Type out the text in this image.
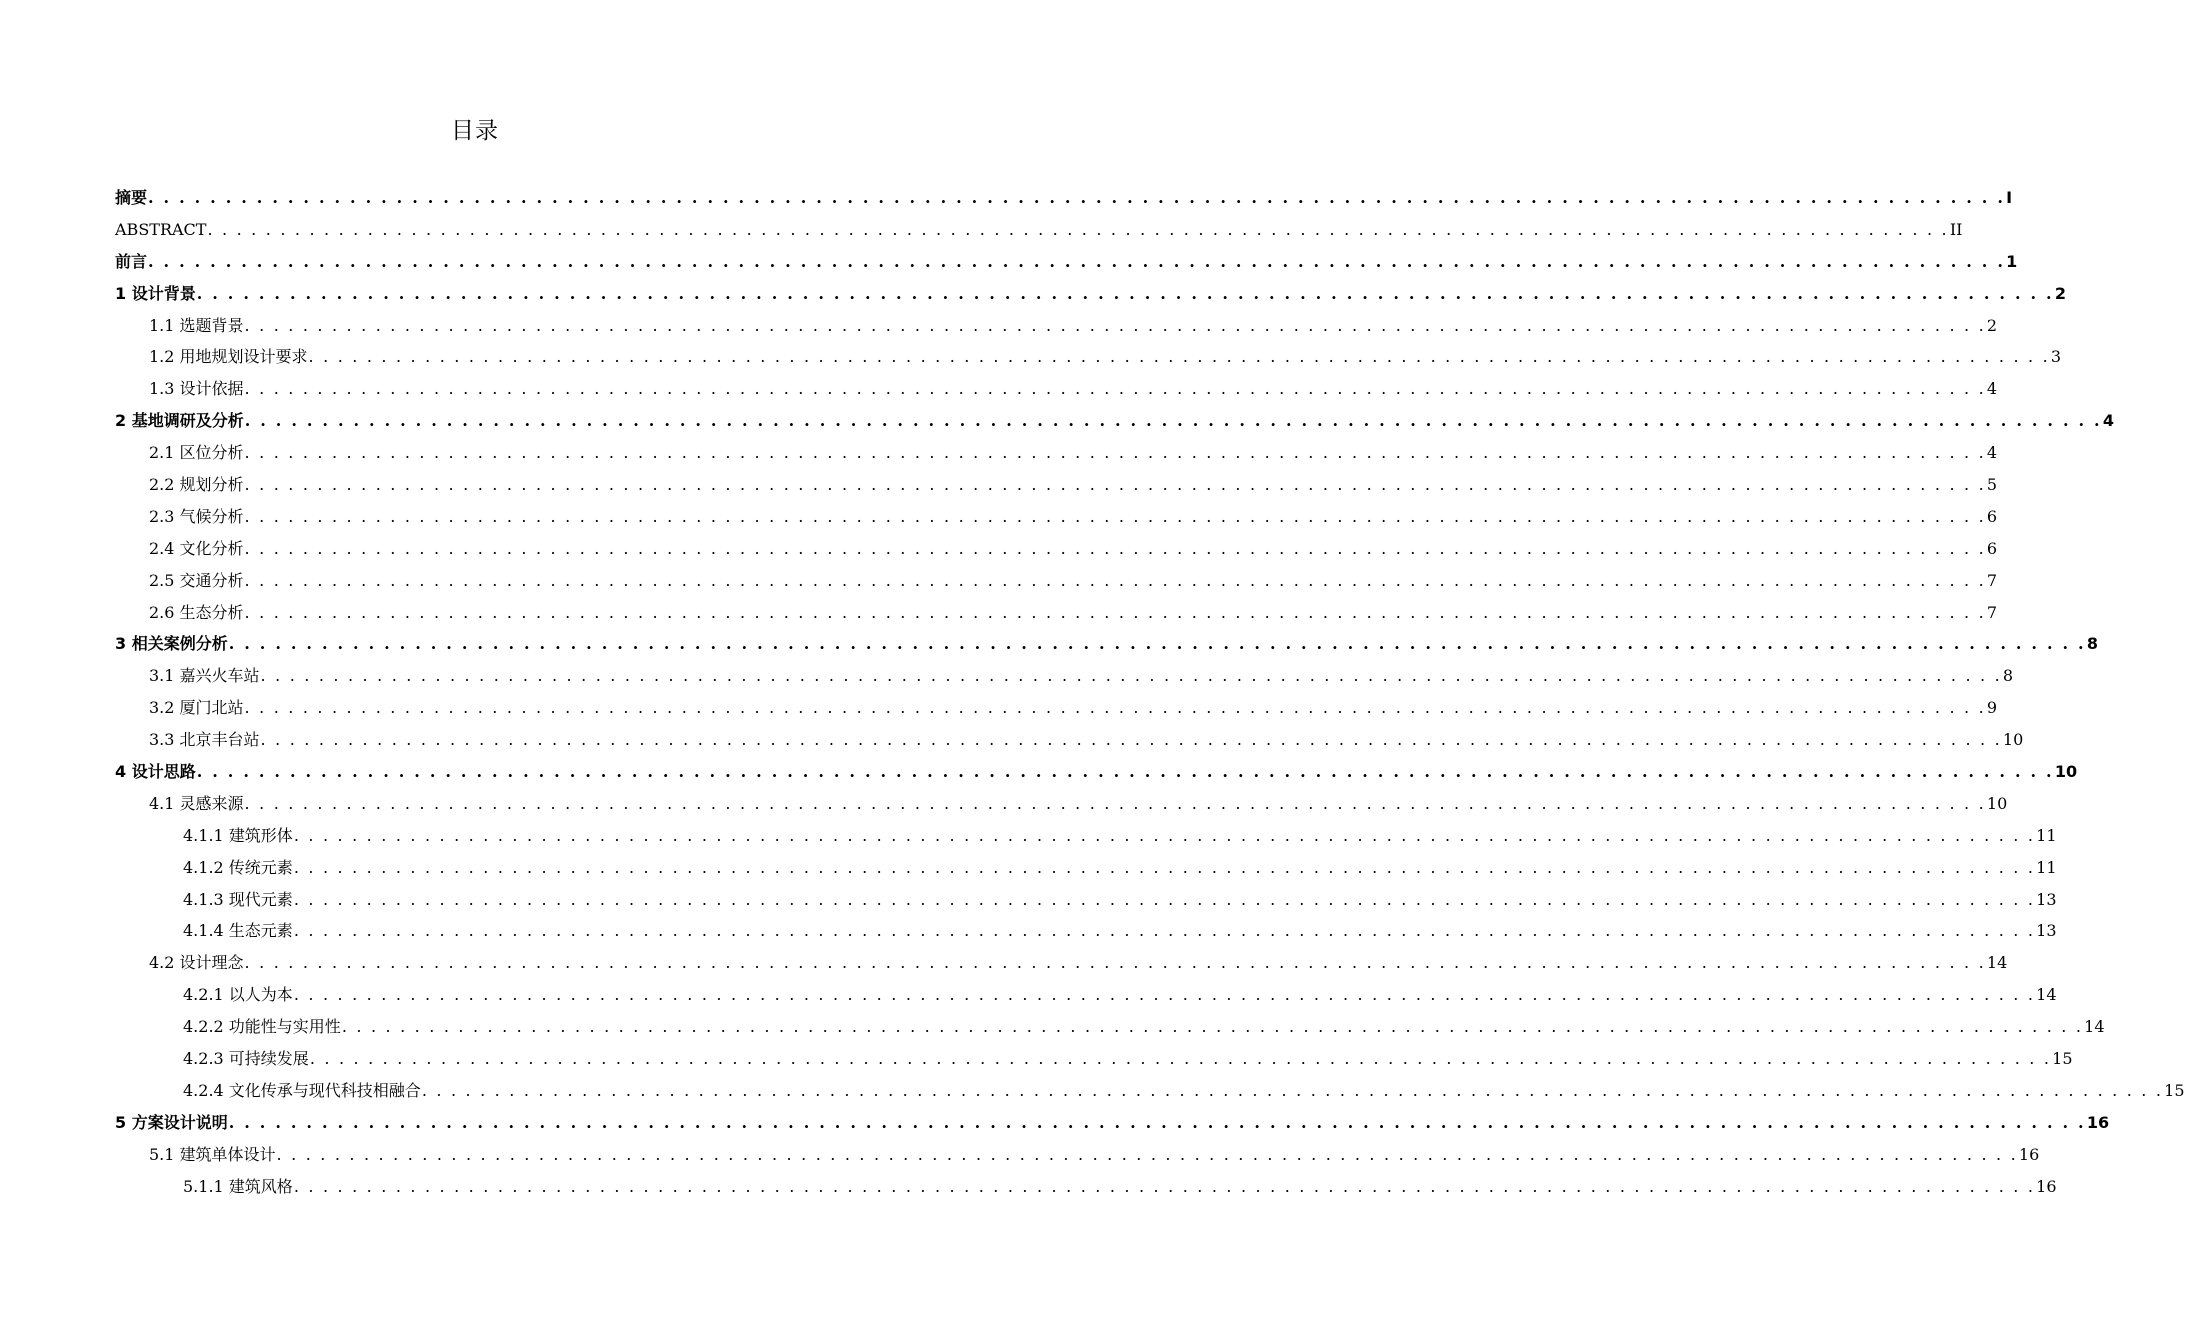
目录
摘要 . . . . . . . . . . . . . . . . . . . . . . . . . . . . . . . . . . . . . . . . . . . . . . . . . . . . . . . . . . . . . . . . . . . . . . . . . . . . . . . . . . . . . . . . . . . . . . . . . . . . . . . . . . . . . . . . . . . . . . . . I
ABSTRACT . . . . . . . . . . . . . . . . . . . . . . . . . . . . . . . . . . . . . . . . . . . . . . . . . . . . . . . . . . . . . . . . . . . . . . . . . . . . . . . . . . . . . . . . . . . . . . . . . . . . . . . . . . . . . . . . . . . . . . . . II
前言 . . . . . . . . . . . . . . . . . . . . . . . . . . . . . . . . . . . . . . . . . . . . . . . . . . . . . . . . . . . . . . . . . . . . . . . . . . . . . . . . . . . . . . . . . . . . . . . . . . . . . . . . . . . . . . . . . . . . . . . . 1
1 设计背景 . . . . . . . . . . . . . . . . . . . . . . . . . . . . . . . . . . . . . . . . . . . . . . . . . . . . . . . . . . . . . . . . . . . . . . . . . . . . . . . . . . . . . . . . . . . . . . . . . . . . . . . . . . . . . . . . . . . . . . . . 2
1.1 选题背景 . . . . . . . . . . . . . . . . . . . . . . . . . . . . . . . . . . . . . . . . . . . . . . . . . . . . . . . . . . . . . . . . . . . . . . . . . . . . . . . . . . . . . . . . . . . . . . . . . . . . . . . . . . . . . . . . . . . . . . . . 2
1.2 用地规划设计要求 . . . . . . . . . . . . . . . . . . . . . . . . . . . . . . . . . . . . . . . . . . . . . . . . . . . . . . . . . . . . . . . . . . . . . . . . . . . . . . . . . . . . . . . . . . . . . . . . . . . . . . . . . . . . . . . . . . . . . . . . 3
1.3 设计依据 . . . . . . . . . . . . . . . . . . . . . . . . . . . . . . . . . . . . . . . . . . . . . . . . . . . . . . . . . . . . . . . . . . . . . . . . . . . . . . . . . . . . . . . . . . . . . . . . . . . . . . . . . . . . . . . . . . . . . . . . 4
2 基地调研及分析 . . . . . . . . . . . . . . . . . . . . . . . . . . . . . . . . . . . . . . . . . . . . . . . . . . . . . . . . . . . . . . . . . . . . . . . . . . . . . . . . . . . . . . . . . . . . . . . . . . . . . . . . . . . . . . . . . . . . . . . . 4
2.1 区位分析 . . . . . . . . . . . . . . . . . . . . . . . . . . . . . . . . . . . . . . . . . . . . . . . . . . . . . . . . . . . . . . . . . . . . . . . . . . . . . . . . . . . . . . . . . . . . . . . . . . . . . . . . . . . . . . . . . . . . . . . . 4
2.2 规划分析 . . . . . . . . . . . . . . . . . . . . . . . . . . . . . . . . . . . . . . . . . . . . . . . . . . . . . . . . . . . . . . . . . . . . . . . . . . . . . . . . . . . . . . . . . . . . . . . . . . . . . . . . . . . . . . . . . . . . . . . . 5
2.3 气候分析 . . . . . . . . . . . . . . . . . . . . . . . . . . . . . . . . . . . . . . . . . . . . . . . . . . . . . . . . . . . . . . . . . . . . . . . . . . . . . . . . . . . . . . . . . . . . . . . . . . . . . . . . . . . . . . . . . . . . . . . . 6
2.4 文化分析 . . . . . . . . . . . . . . . . . . . . . . . . . . . . . . . . . . . . . . . . . . . . . . . . . . . . . . . . . . . . . . . . . . . . . . . . . . . . . . . . . . . . . . . . . . . . . . . . . . . . . . . . . . . . . . . . . . . . . . . . 6
2.5 交通分析 . . . . . . . . . . . . . . . . . . . . . . . . . . . . . . . . . . . . . . . . . . . . . . . . . . . . . . . . . . . . . . . . . . . . . . . . . . . . . . . . . . . . . . . . . . . . . . . . . . . . . . . . . . . . . . . . . . . . . . . . 7
2.6 生态分析 . . . . . . . . . . . . . . . . . . . . . . . . . . . . . . . . . . . . . . . . . . . . . . . . . . . . . . . . . . . . . . . . . . . . . . . . . . . . . . . . . . . . . . . . . . . . . . . . . . . . . . . . . . . . . . . . . . . . . . . . 7
3 相关案例分析 . . . . . . . . . . . . . . . . . . . . . . . . . . . . . . . . . . . . . . . . . . . . . . . . . . . . . . . . . . . . . . . . . . . . . . . . . . . . . . . . . . . . . . . . . . . . . . . . . . . . . . . . . . . . . . . . . . . . . . . . 8
3.1 嘉兴火车站 . . . . . . . . . . . . . . . . . . . . . . . . . . . . . . . . . . . . . . . . . . . . . . . . . . . . . . . . . . . . . . . . . . . . . . . . . . . . . . . . . . . . . . . . . . . . . . . . . . . . . . . . . . . . . . . . . . . . . . . . 8
3.2 厦门北站 . . . . . . . . . . . . . . . . . . . . . . . . . . . . . . . . . . . . . . . . . . . . . . . . . . . . . . . . . . . . . . . . . . . . . . . . . . . . . . . . . . . . . . . . . . . . . . . . . . . . . . . . . . . . . . . . . . . . . . . . 9
3.3 北京丰台站 . . . . . . . . . . . . . . . . . . . . . . . . . . . . . . . . . . . . . . . . . . . . . . . . . . . . . . . . . . . . . . . . . . . . . . . . . . . . . . . . . . . . . . . . . . . . . . . . . . . . . . . . . . . . . . . . . . . . . . . . 10
4 设计思路 . . . . . . . . . . . . . . . . . . . . . . . . . . . . . . . . . . . . . . . . . . . . . . . . . . . . . . . . . . . . . . . . . . . . . . . . . . . . . . . . . . . . . . . . . . . . . . . . . . . . . . . . . . . . . . . . . . . . . . . . 10
4.1 灵感来源 . . . . . . . . . . . . . . . . . . . . . . . . . . . . . . . . . . . . . . . . . . . . . . . . . . . . . . . . . . . . . . . . . . . . . . . . . . . . . . . . . . . . . . . . . . . . . . . . . . . . . . . . . . . . . . . . . . . . . . . . 10
4.1.1 建筑形体 . . . . . . . . . . . . . . . . . . . . . . . . . . . . . . . . . . . . . . . . . . . . . . . . . . . . . . . . . . . . . . . . . . . . . . . . . . . . . . . . . . . . . . . . . . . . . . . . . . . . . . . . . . . . . . . . . . . . . . . . 11
4.1.2 传统元素 . . . . . . . . . . . . . . . . . . . . . . . . . . . . . . . . . . . . . . . . . . . . . . . . . . . . . . . . . . . . . . . . . . . . . . . . . . . . . . . . . . . . . . . . . . . . . . . . . . . . . . . . . . . . . . . . . . . . . . . . 11
4.1.3 现代元素 . . . . . . . . . . . . . . . . . . . . . . . . . . . . . . . . . . . . . . . . . . . . . . . . . . . . . . . . . . . . . . . . . . . . . . . . . . . . . . . . . . . . . . . . . . . . . . . . . . . . . . . . . . . . . . . . . . . . . . . . 13
4.1.4 生态元素 . . . . . . . . . . . . . . . . . . . . . . . . . . . . . . . . . . . . . . . . . . . . . . . . . . . . . . . . . . . . . . . . . . . . . . . . . . . . . . . . . . . . . . . . . . . . . . . . . . . . . . . . . . . . . . . . . . . . . . . . 13
4.2 设计理念 . . . . . . . . . . . . . . . . . . . . . . . . . . . . . . . . . . . . . . . . . . . . . . . . . . . . . . . . . . . . . . . . . . . . . . . . . . . . . . . . . . . . . . . . . . . . . . . . . . . . . . . . . . . . . . . . . . . . . . . . 14
4.2.1 以人为本 . . . . . . . . . . . . . . . . . . . . . . . . . . . . . . . . . . . . . . . . . . . . . . . . . . . . . . . . . . . . . . . . . . . . . . . . . . . . . . . . . . . . . . . . . . . . . . . . . . . . . . . . . . . . . . . . . . . . . . . . 14
4.2.2 功能性与实用性 . . . . . . . . . . . . . . . . . . . . . . . . . . . . . . . . . . . . . . . . . . . . . . . . . . . . . . . . . . . . . . . . . . . . . . . . . . . . . . . . . . . . . . . . . . . . . . . . . . . . . . . . . . . . . . . . . . . . . . . . 14
4.2.3 可持续发展 . . . . . . . . . . . . . . . . . . . . . . . . . . . . . . . . . . . . . . . . . . . . . . . . . . . . . . . . . . . . . . . . . . . . . . . . . . . . . . . . . . . . . . . . . . . . . . . . . . . . . . . . . . . . . . . . . . . . . . . . 15
4.2.4 文化传承与现代科技相融合 . . . . . . . . . . . . . . . . . . . . . . . . . . . . . . . . . . . . . . . . . . . . . . . . . . . . . . . . . . . . . . . . . . . . . . . . . . . . . . . . . . . . . . . . . . . . . . . . . . . . . . . . . . . . . . . . . . . . . . . . 15
5 方案设计说明 . . . . . . . . . . . . . . . . . . . . . . . . . . . . . . . . . . . . . . . . . . . . . . . . . . . . . . . . . . . . . . . . . . . . . . . . . . . . . . . . . . . . . . . . . . . . . . . . . . . . . . . . . . . . . . . . . . . . . . . . 16
5.1 建筑单体设计 . . . . . . . . . . . . . . . . . . . . . . . . . . . . . . . . . . . . . . . . . . . . . . . . . . . . . . . . . . . . . . . . . . . . . . . . . . . . . . . . . . . . . . . . . . . . . . . . . . . . . . . . . . . . . . . . . . . . . . . . 16
5.1.1 建筑风格 . . . . . . . . . . . . . . . . . . . . . . . . . . . . . . . . . . . . . . . . . . . . . . . . . . . . . . . . . . . . . . . . . . . . . . . . . . . . . . . . . . . . . . . . . . . . . . . . . . . . . . . . . . . . . . . . . . . . . . . . 16
